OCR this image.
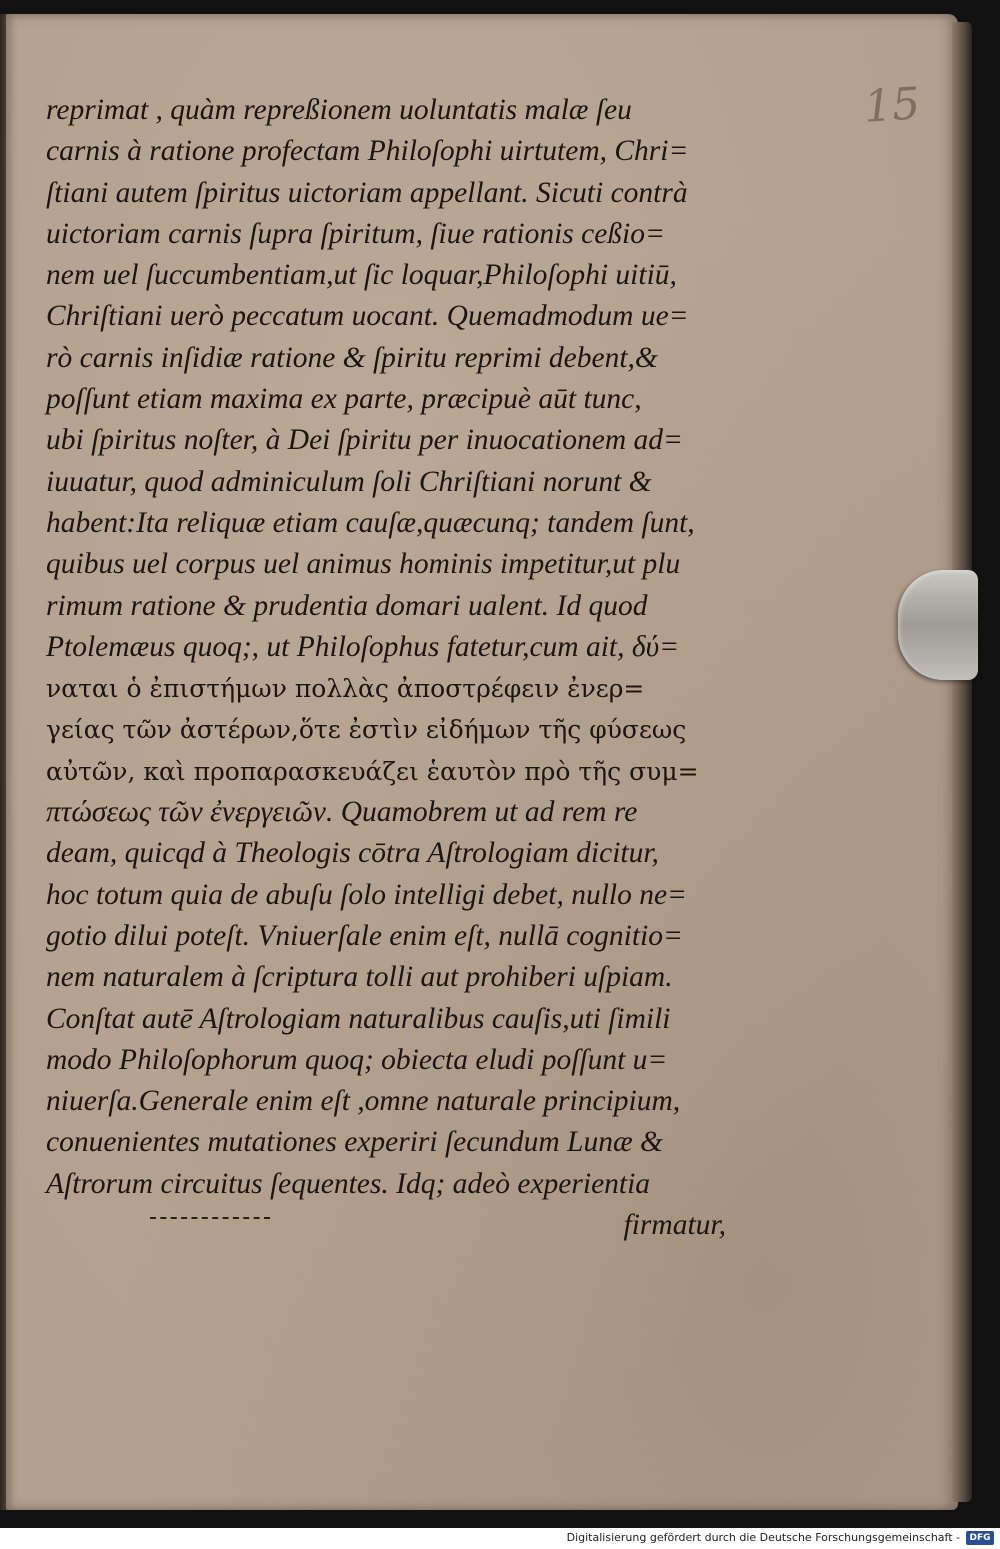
15
reprimat , quàm repreßionem uoluntatis malæ ſeu
carnis à ratione profectam Philoſophi uirtutem, Chri=
ſtiani autem ſpiritus uictoriam appellant. Sicuti contrà
uictoriam carnis ſupra ſpiritum, ſiue rationis ceßio=
nem uel ſuccumbentiam,ut ſic loquar,Philoſophi uitiū,
Chriſtiani uerò peccatum uocant. Quemadmodum ue=
rò carnis inſidiæ ratione & ſpiritu reprimi debent,&
poſſunt etiam maxima ex parte, præcipuè aūt tunc,
ubi ſpiritus noſter, à Dei ſpiritu per inuocationem ad=
iuuatur, quod adminiculum ſoli Chriſtiani norunt &
habent:Ita reliquæ etiam cauſæ,quæcunq; tandem ſunt,
quibus uel corpus uel animus hominis impetitur,ut plu
rimum ratione & prudentia domari ualent. Id quod
Ptolemæus quoq;, ut Philoſophus fatetur,cum ait, δύ=
ναται ὁ ἐπιστήμων πολλὰς ἀποστρέφειν ἐνερ=
γείας τῶν ἀστέρων,ὅτε ἐστὶν εἰδήμων τῆς φύσεως
αὐτῶν, καὶ προπαρασκευάζει ἑαυτὸν πρὸ τῆς συμ=
πτώσεως τῶν ἐνεργειῶν. Quamobrem ut ad rem re
deam, quicqd à Theologis cōtra Aſtrologiam dicitur,
hoc totum quia de abuſu ſolo intelligi debet, nullo ne=
gotio dilui poteſt. Vniuerſale enim eſt, nullā cognitio=
nem naturalem à ſcriptura tolli aut prohiberi uſpiam.
Conſtat autē Aſtrologiam naturalibus cauſis,uti ſimili
modo Philoſophorum quoq; obiecta eludi poſſunt u=
niuerſa.Generale enim eſt ,omne naturale principium,
conuenientes mutationes experiri ſecundum Lunæ &
Aſtrorum circuitus ſequentes. Idq; adeò experientia
firmatur,
Digitalisierung gefördert durch die Deutsche Forschungsgemeinschaft -	DFG
